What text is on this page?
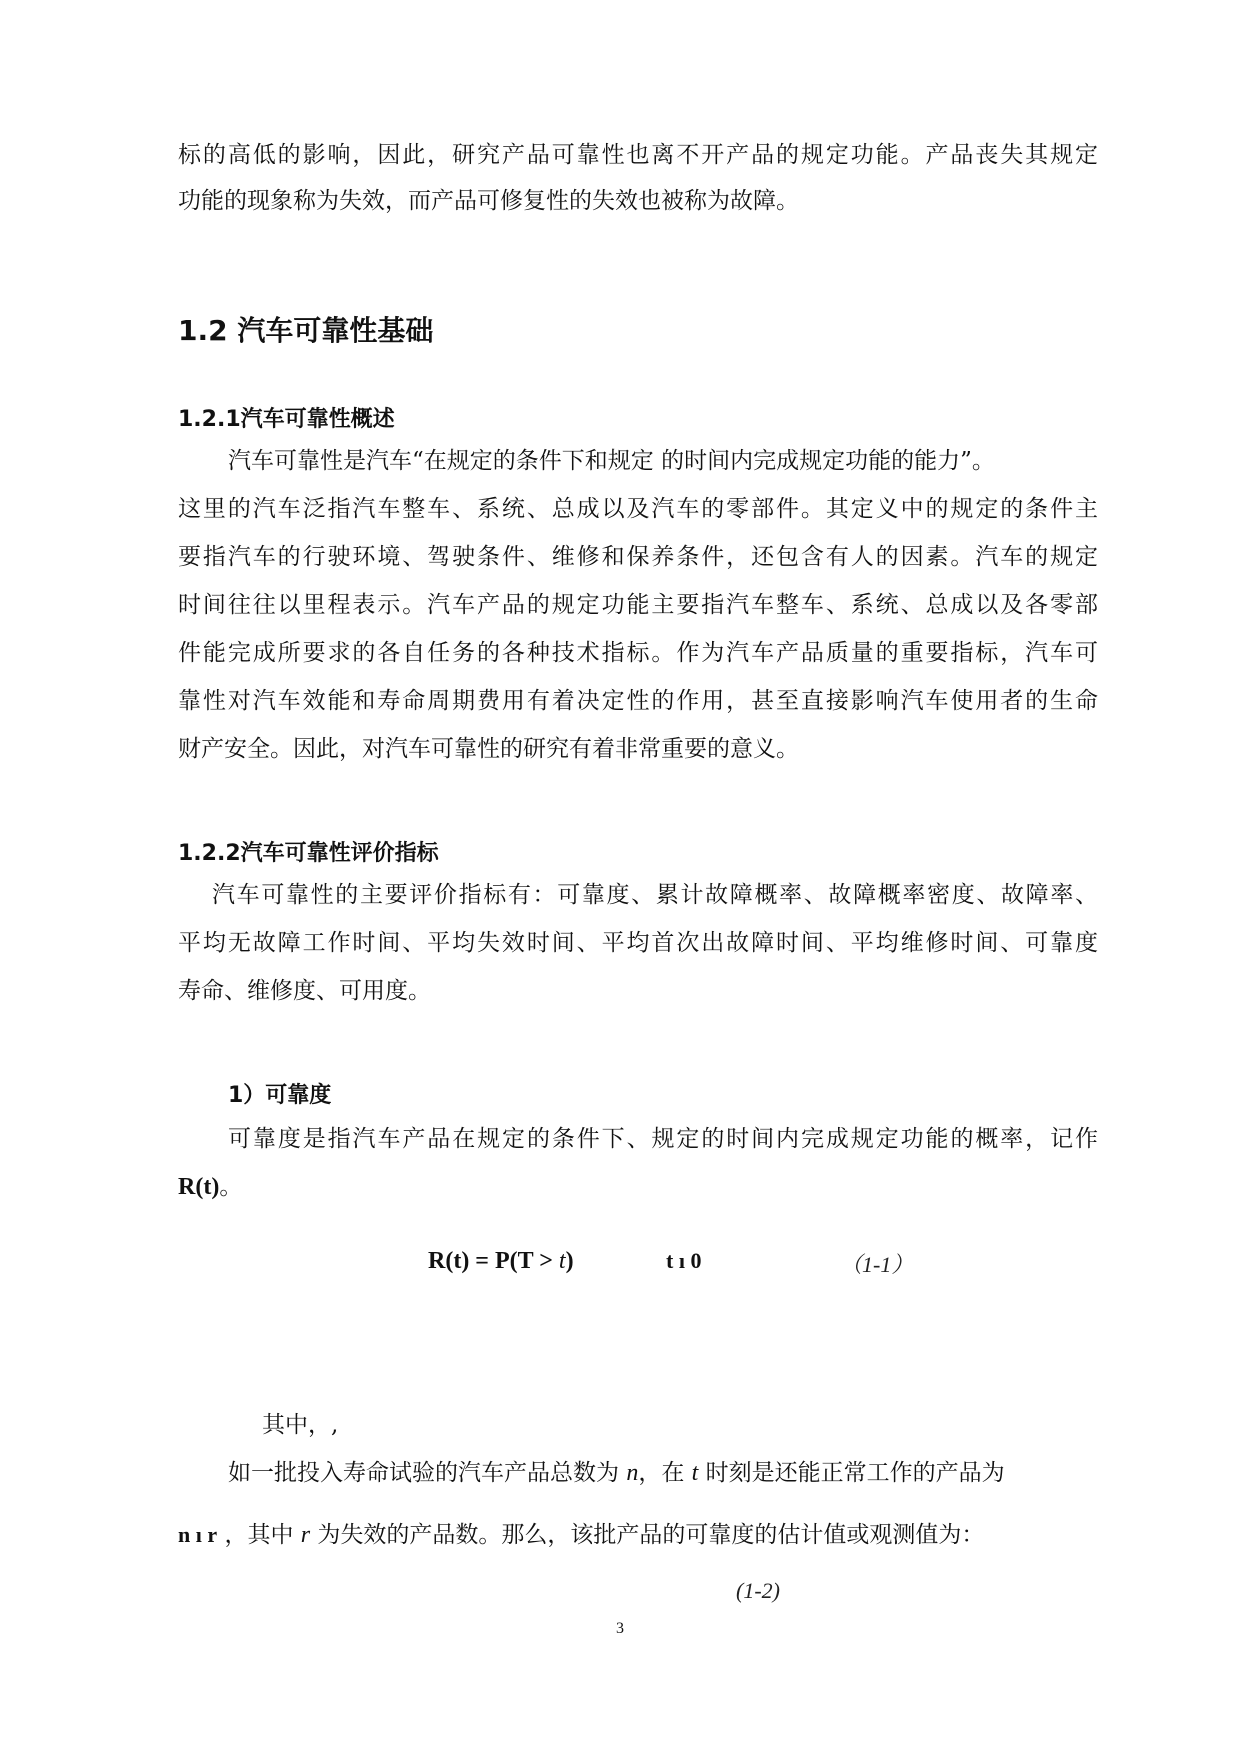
标的高低的影响，因此，研究产品可靠性也离不开产品的规定功能。产品丧失其规定
功能的现象称为失效，而产品可修复性的失效也被称为故障。
1.2 汽车可靠性基础
1.2.1汽车可靠性概述
汽车可靠性是汽车“在规定的条件下和规定 的时间内完成规定功能的能力”。
这里的汽车泛指汽车整车、系统、总成以及汽车的零部件。其定义中的规定的条件主
要指汽车的行驶环境、驾驶条件、维修和保养条件，还包含有人的因素。汽车的规定
时间往往以里程表示。汽车产品的规定功能主要指汽车整车、系统、总成以及各零部
件能完成所要求的各自任务的各种技术指标。作为汽车产品质量的重要指标，汽车可
靠性对汽车效能和寿命周期费用有着决定性的作用，甚至直接影响汽车使用者的生命
财产安全。因此，对汽车可靠性的研究有着非常重要的意义。
1.2.2汽车可靠性评价指标
汽车可靠性的主要评价指标有：可靠度、累计故障概率、故障概率密度、故障率、
平均无故障工作时间、平均失效时间、平均首次出故障时间、平均维修时间、可靠度
寿命、维修度、可用度。
1）可靠度
可靠度是指汽车产品在规定的条件下、规定的时间内完成规定功能的概率，记作
R(t)。
R(t) = P(T > t)	t ı 0	（1-1）
其中，,
如一批投入寿命试验的汽车产品总数为 n，在 t 时刻是还能正常工作的产品为
n ı r ，其中 r 为失效的产品数。那么，该批产品的可靠度的估计值或观测值为：
(1-2)
3
